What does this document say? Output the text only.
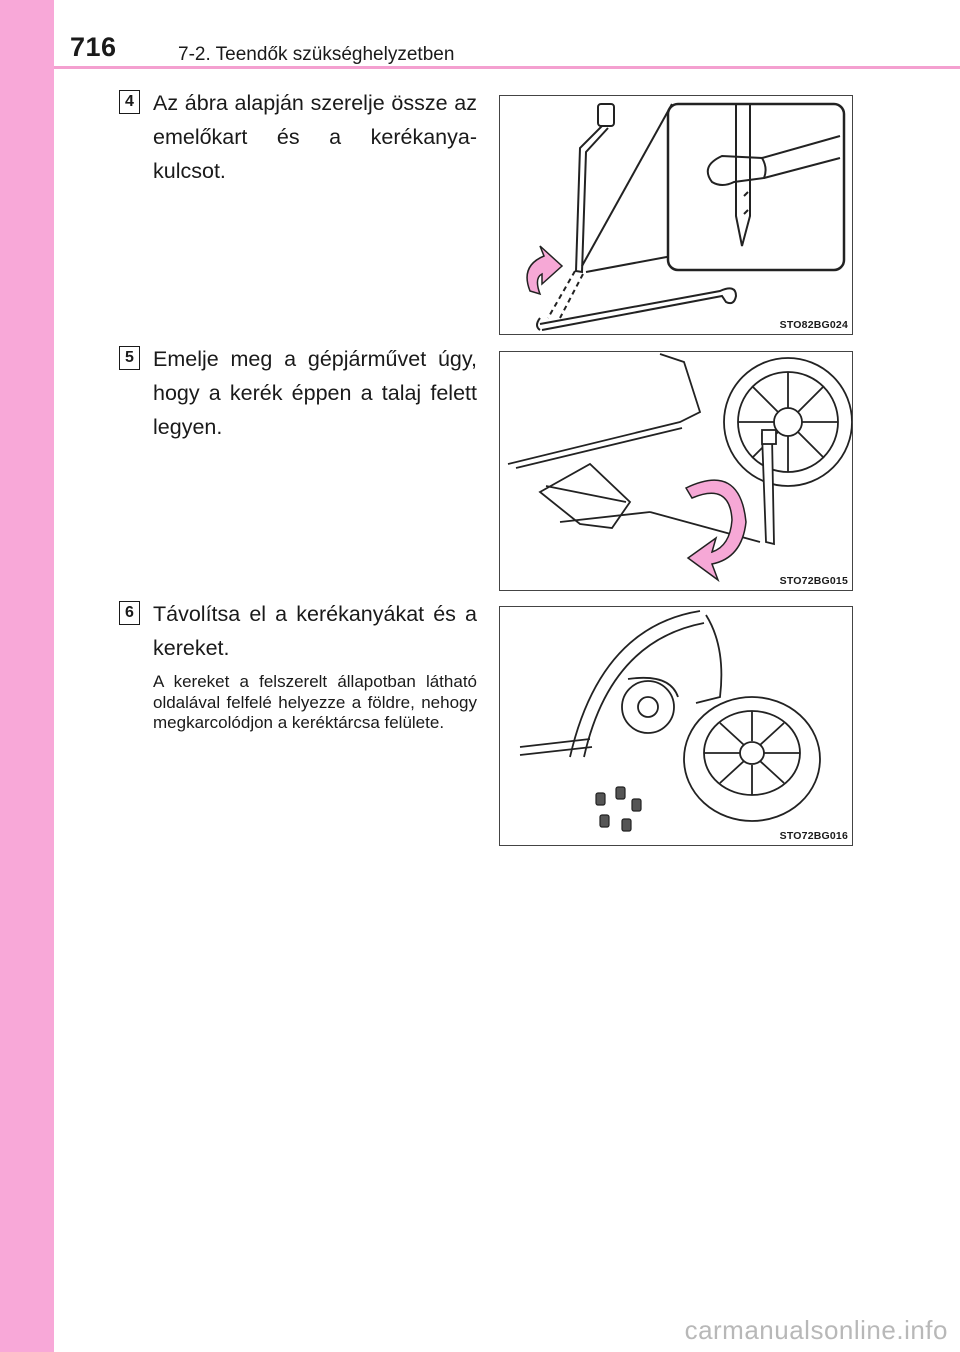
716	7-2. Teendők szükséghelyzetben
4 Az ábra alapján szerelje össze az emelőkart és a kerékanya-kulcsot.
STO82BG024
5 Emelje meg a gépjárművet úgy, hogy a kerék éppen a talaj felett legyen.
STO72BG015
6 Távolítsa el a kerékanyákat és a kereket.
A kereket a felszerelt állapotban látható oldalával felfelé helyezze a földre, nehogy megkarcolódjon a keréktárcsa felülete.
STO72BG016
carmanualsonline.info
